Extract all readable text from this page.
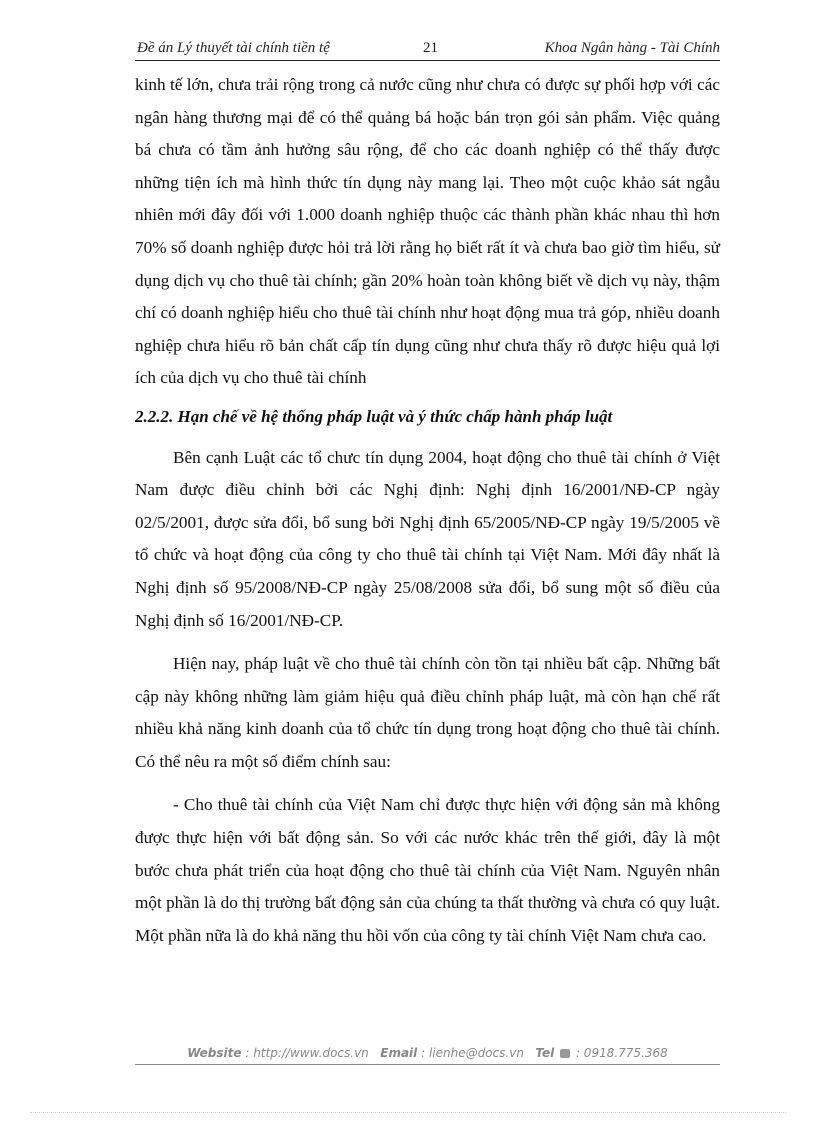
Đề án Lý thuyết tài chính tiền tệ	21	Khoa Ngân hàng - Tài Chính

kinh tế lớn, chưa trải rộng trong cả nước cũng như chưa có được sự phối hợp với các ngân hàng thương mại để có thể quảng bá hoặc bán trọn gói sản phẩm. Việc quảng bá chưa có tầm ảnh hưởng sâu rộng, để cho các doanh nghiệp có thể thấy được những tiện ích mà hình thức tín dụng này mang lại. Theo một cuộc khảo sát ngẫu nhiên mới đây đối với 1.000 doanh nghiệp thuộc các thành phần khác nhau thì hơn 70% số doanh nghiệp được hỏi trả lời rằng họ biết rất ít và chưa bao giờ tìm hiểu, sử dụng dịch vụ cho thuê tài chính; gần 20% hoàn toàn không biết về dịch vụ này, thậm chí có doanh nghiệp hiểu cho thuê tài chính như hoạt động mua trả góp, nhiều doanh nghiệp chưa hiểu rõ bản chất cấp tín dụng cũng như chưa thấy rõ được hiệu quả lợi ích của dịch vụ cho thuê tài chính

2.2.2. Hạn chế về hệ thống pháp luật và ý thức chấp hành pháp luật

Bên cạnh Luật các tổ chưc tín dụng 2004, hoạt động cho thuê tài chính ở Việt Nam được điều chỉnh bởi các Nghị định: Nghị định 16/2001/NĐ-CP ngày 02/5/2001, được sửa đổi, bổ sung bởi Nghị định 65/2005/NĐ-CP ngày 19/5/2005 về tổ chức và hoạt động của công ty cho thuê tài chính tại Việt Nam. Mới đây nhất là Nghị định số 95/2008/NĐ-CP ngày 25/08/2008 sửa đổi, bổ sung một số điều của Nghị định số 16/2001/NĐ-CP.

Hiện nay, pháp luật về cho thuê tài chính còn tồn tại nhiều bất cập. Những bất cập này không những làm giảm hiệu quả điều chỉnh pháp luật, mà còn hạn chế rất nhiều khả năng kinh doanh của tổ chức tín dụng trong hoạt động cho thuê tài chính. Có thể nêu ra một số điểm chính sau:

- Cho thuê tài chính của Việt Nam chỉ được thực hiện với động sản mà không được thực hiện với bất động sản. So với các nước khác trên thế giới, đây là một bước chưa phát triển của hoạt động cho thuê tài chính của Việt Nam. Nguyên nhân một phần là do thị trường bất động sản của chúng ta thất thường và chưa có quy luật. Một phần nữa là do khả năng thu hồi vốn của công ty tài chính Việt Nam chưa cao.

Website : http://www.docs.vn Email : lienhe@docs.vn Tel : 0918.775.368
